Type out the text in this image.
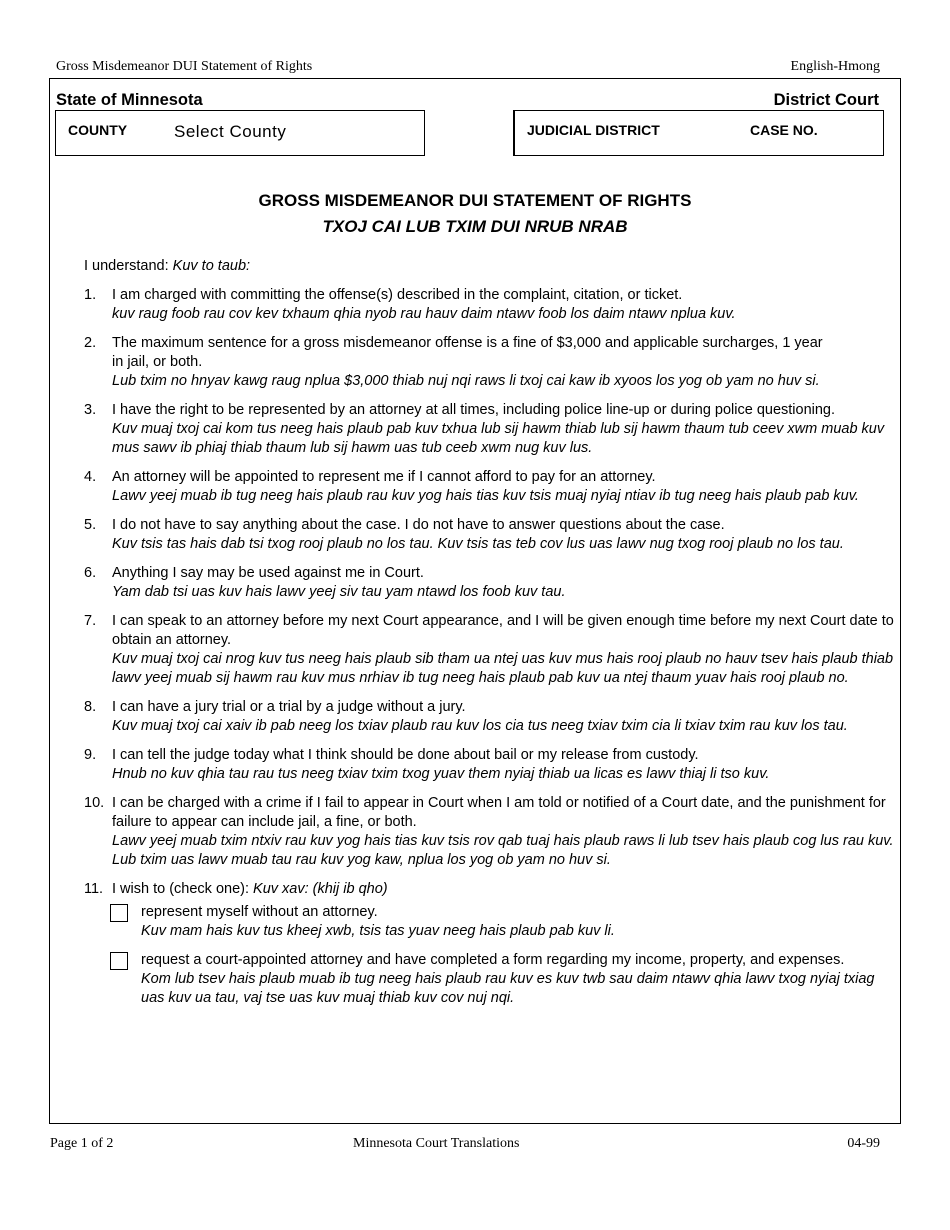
Gross Misdemeanor DUI Statement of Rights	English-Hmong
State of Minnesota	District Court
COUNTY	Select County	JUDICIAL DISTRICT	CASE NO.
GROSS MISDEMEANOR DUI STATEMENT OF RIGHTS
TXOJ CAI LUB TXIM DUI NRUB NRAB
I understand: Kuv to taub:
1.	I am charged with committing the offense(s) described in the complaint, citation, or ticket.
kuv raug foob rau cov kev txhaum qhia nyob rau hauv daim ntawv foob los daim ntawv nplua kuv.
2.	The maximum sentence for a gross misdemeanor offense is a fine of $3,000 and applicable surcharges, 1 year in jail, or both.
Lub txim no hnyav kawg raug nplua $3,000 thiab nuj nqi raws li txoj cai kaw ib xyoos los yog ob yam no huv si.
3.	I have the right to be represented by an attorney at all times, including police line-up or during police questioning.
Kuv muaj txoj cai kom tus neeg hais plaub pab kuv txhua lub sij hawm thiab lub sij hawm thaum tub ceev xwm muab kuv mus sawv ib phiaj thiab thaum lub sij hawm uas tub ceeb xwm nug kuv lus.
4.	An attorney will be appointed to represent me if I cannot afford to pay for an attorney.
Lawv yeej muab ib tug neeg hais plaub rau kuv yog hais tias kuv tsis muaj nyiaj ntiav ib tug neeg hais plaub pab kuv.
5.	I do not have to say anything about the case. I do not have to answer questions about the case.
Kuv tsis tas hais dab tsi txog rooj plaub no los tau. Kuv tsis tas teb cov lus uas lawv nug txog rooj plaub no los tau.
6.	Anything I say may be used against me in Court.
Yam dab tsi uas kuv hais lawv yeej siv tau yam ntawd los foob kuv tau.
7.	I can speak to an attorney before my next Court appearance, and I will be given enough time before my next Court date to obtain an attorney.
Kuv muaj txoj cai nrog kuv tus neeg hais plaub sib tham ua ntej uas kuv mus hais rooj plaub no hauv tsev hais plaub thiab lawv yeej muab sij hawm rau kuv mus nrhiav ib tug neeg hais plaub pab kuv ua ntej thaum yuav hais rooj plaub no.
8.	I can have a jury trial or a trial by a judge without a jury.
Kuv muaj txoj cai xaiv ib pab neeg los txiav plaub rau kuv los cia tus neeg txiav txim cia li txiav txim rau kuv los tau.
9.	I can tell the judge today what I think should be done about bail or my release from custody.
Hnub no kuv qhia tau rau tus neeg txiav txim txog yuav them nyiaj thiab ua licas es lawv thiaj li tso kuv.
10. I can be charged with a crime if I fail to appear in Court when I am told or notified of a Court date, and the punishment for failure to appear can include jail, a fine, or both.
Lawv yeej muab txim ntxiv rau kuv yog hais tias kuv tsis rov qab tuaj hais plaub raws li lub tsev hais plaub cog lus rau kuv. Lub txim uas lawv muab tau rau kuv yog kaw, nplua los yog ob yam no huv si.
11. I wish to (check one): Kuv xav: (khij ib qho)
represent myself without an attorney.
Kuv mam hais kuv tus kheej xwb, tsis tas yuav neeg hais plaub pab kuv li.
request a court-appointed attorney and have completed a form regarding my income, property, and expenses.
Kom lub tsev hais plaub muab ib tug neeg hais plaub rau kuv es kuv twb sau daim ntawv qhia lawv txog nyiaj txiag uas kuv ua tau, vaj tse uas kuv muaj thiab kuv cov nuj nqi.
Page 1 of 2	Minnesota Court Translations	04-99
